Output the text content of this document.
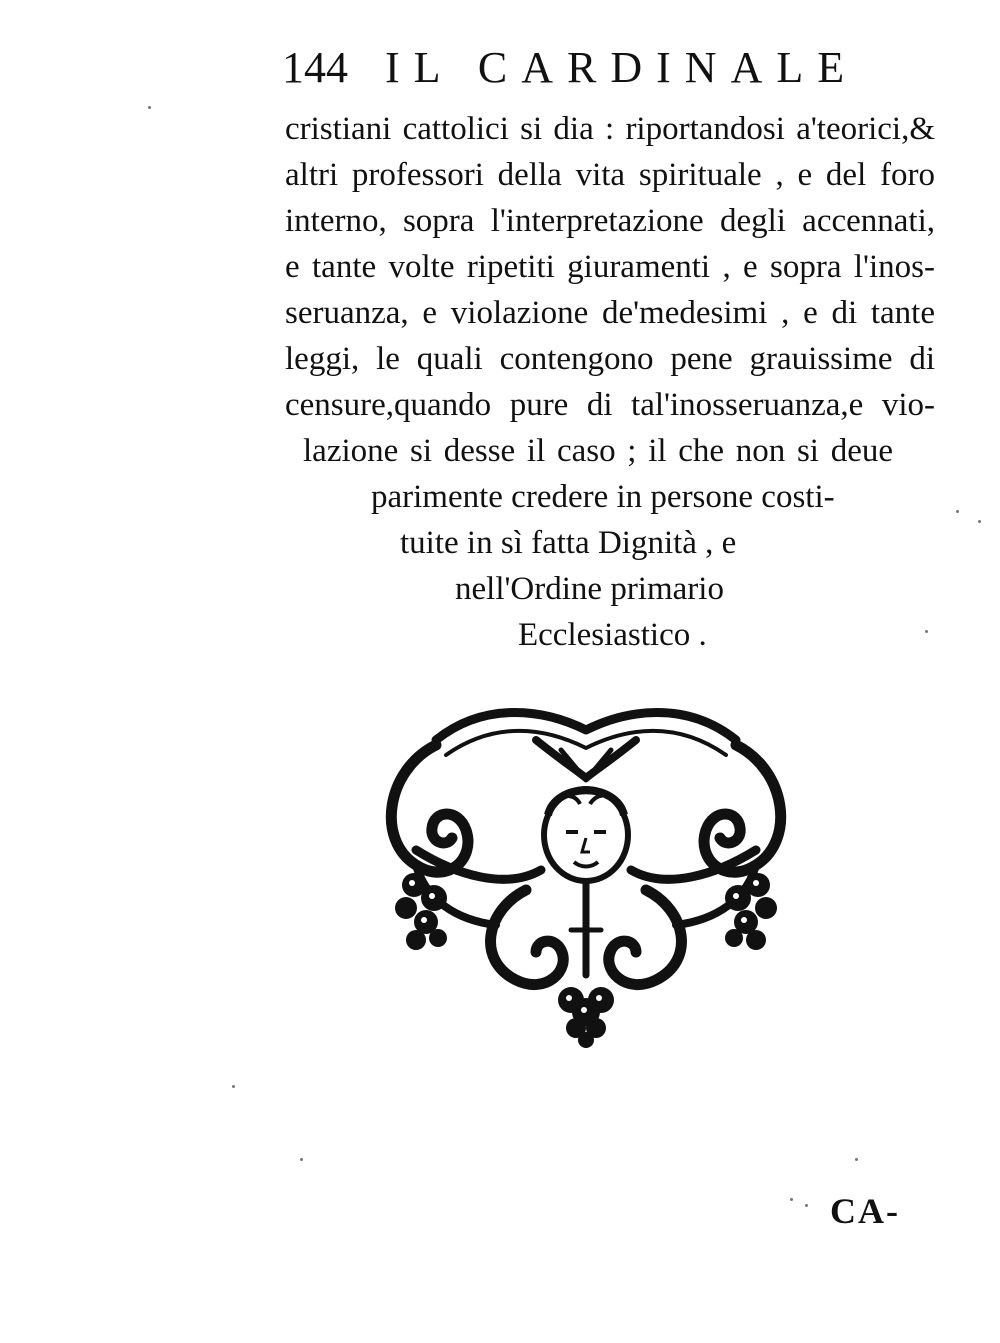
144 IL CARDINALE
cristiani cattolici si dia : riportandosi a'teorici,&
altri professori della vita spirituale , e del foro
interno, sopra l'interpretazione degli accennati,
e tante volte ripetiti giuramenti , e sopra l'inos-
seruanza, e violazione de'medesimi , e di tante
leggi, le quali contengono pene grauissime di
censure,quando pure di tal'inosseruanza,e vio-
lazione si desse il caso ; il che non si deue
parimente credere in persone costi-
tuite in sì fatta Dignità , e
nell'Ordine primario
Ecclesiastico .
CA-
